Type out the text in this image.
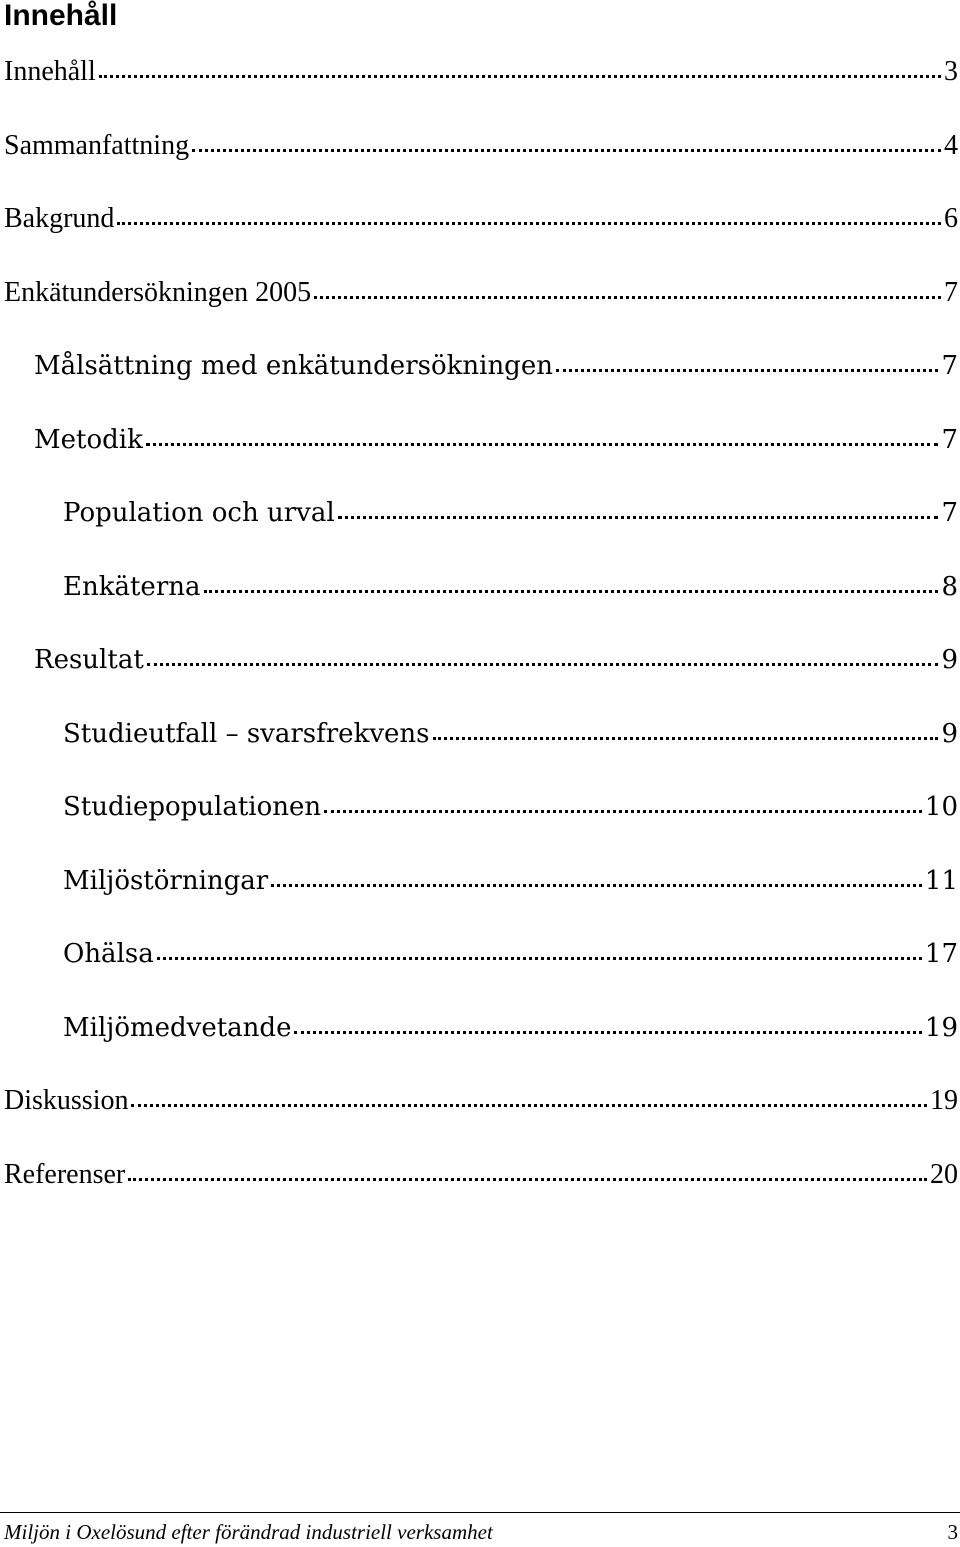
Innehåll
Innehåll	3
Sammanfattning	4
Bakgrund	6
Enkätundersökningen 2005	7
Målsättning med enkätundersökningen	7
Metodik	7
Population och urval	7
Enkäterna	8
Resultat	9
Studieutfall – svarsfrekvens	9
Studiepopulationen	10
Miljöstörningar	11
Ohälsa	17
Miljömedvetande	19
Diskussion	19
Referenser	20
Miljön i Oxelösund efter förändrad industriell verksamhet	3
